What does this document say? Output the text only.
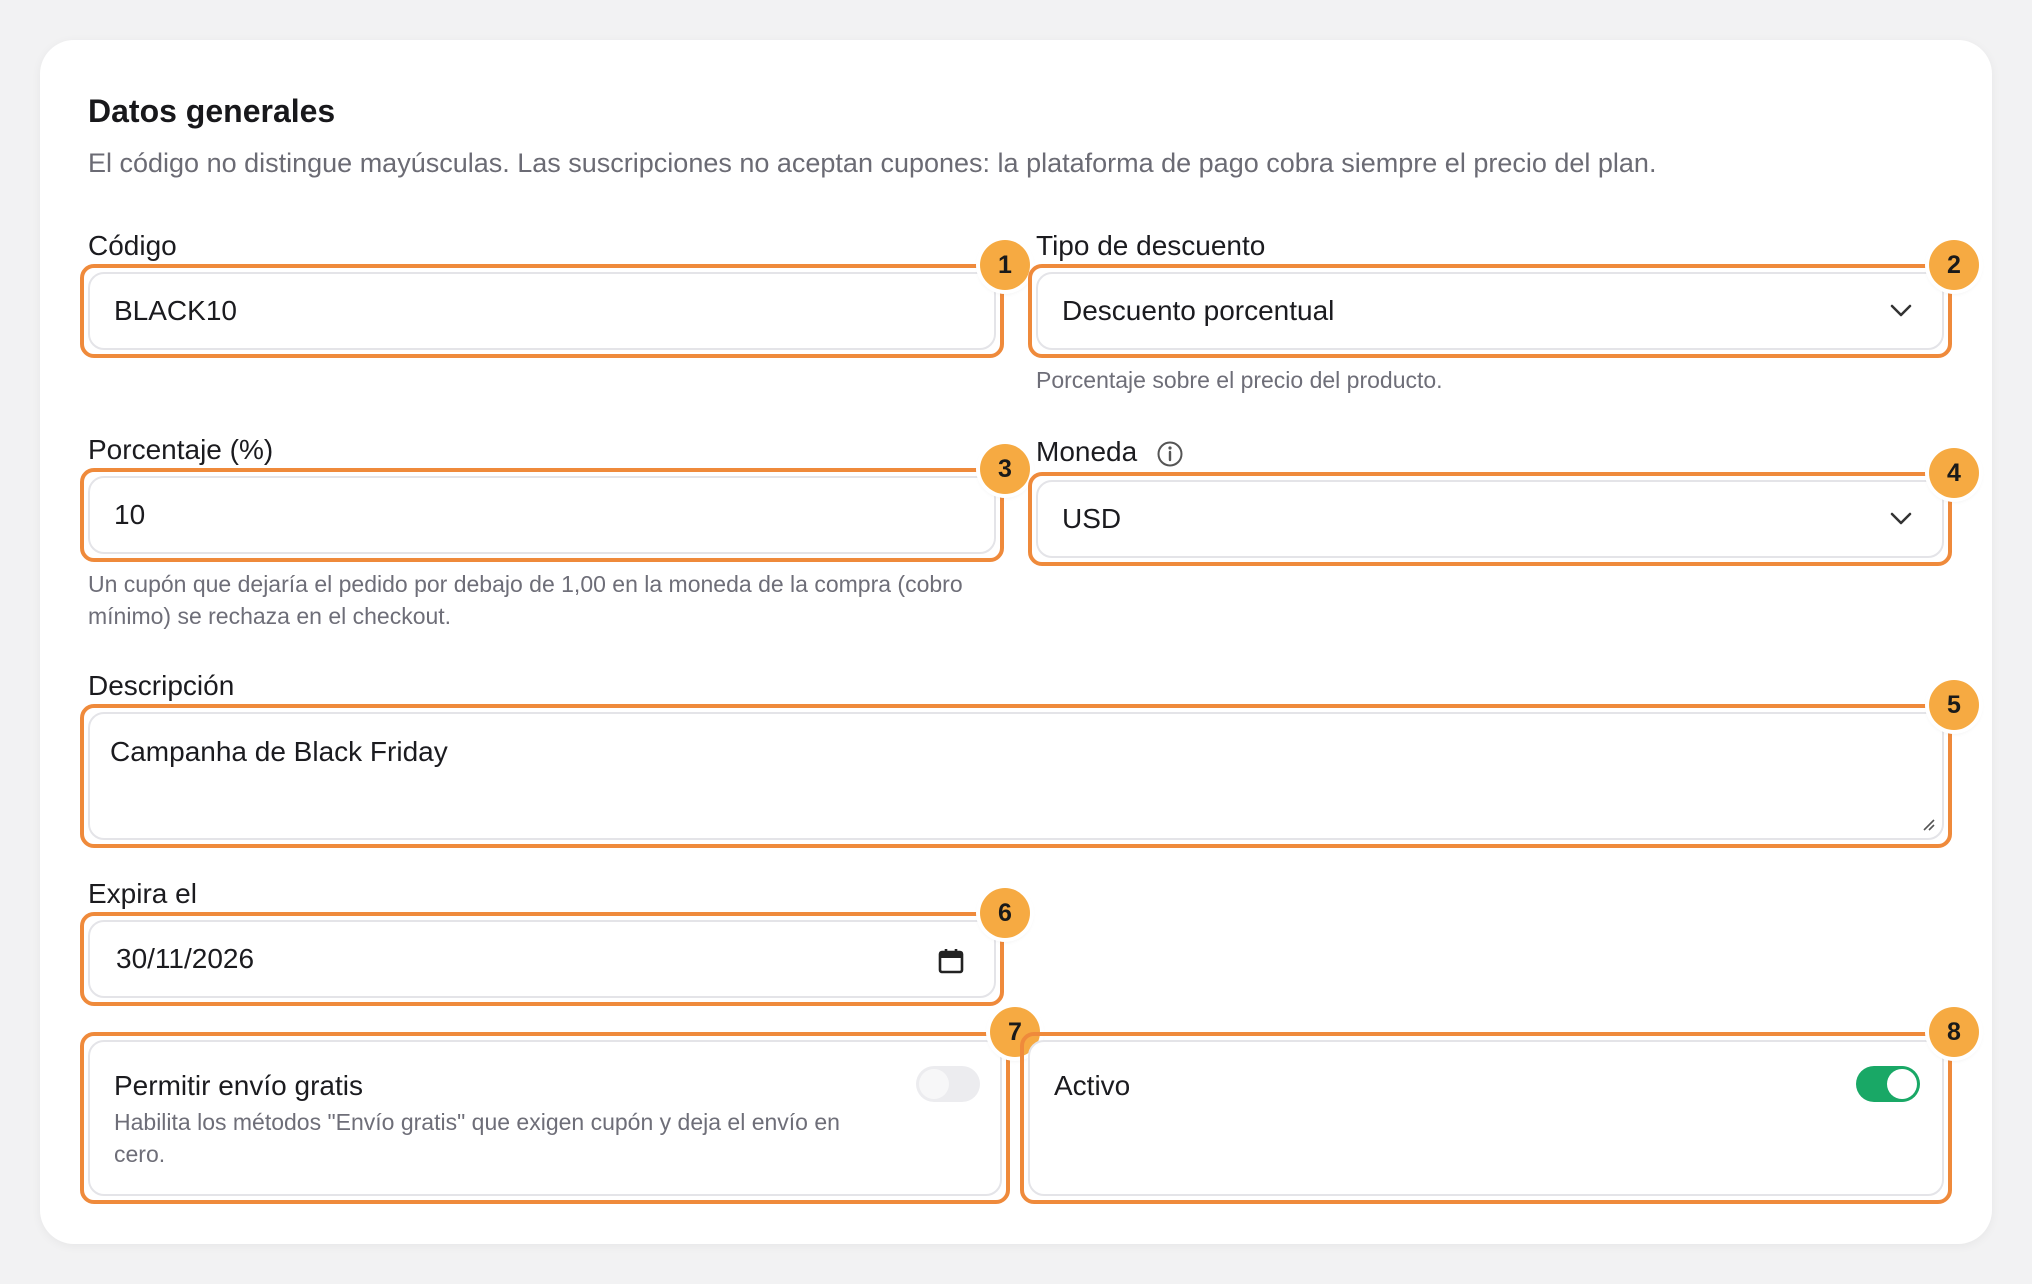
Datos generales
El código no distingue mayúsculas. Las suscripciones no aceptan cupones: la plataforma de pago cobra siempre el precio del plan.
Código
BLACK10
1
Tipo de descuento
Descuento porcentual
2
Porcentaje sobre el precio del producto.
Porcentaje (%)
10
3
Un cupón que dejaría el pedido por debajo de 1,00 en la moneda de la compra (cobro mínimo) se rechaza en el checkout.
Moneda
USD
4
Descripción
Campanha de Black Friday
5
Expira el
30/11/2026
6
Permitir envío gratis
Habilita los métodos "Envío gratis" que exigen cupón y deja el envío en cero.
7
Activo
8
